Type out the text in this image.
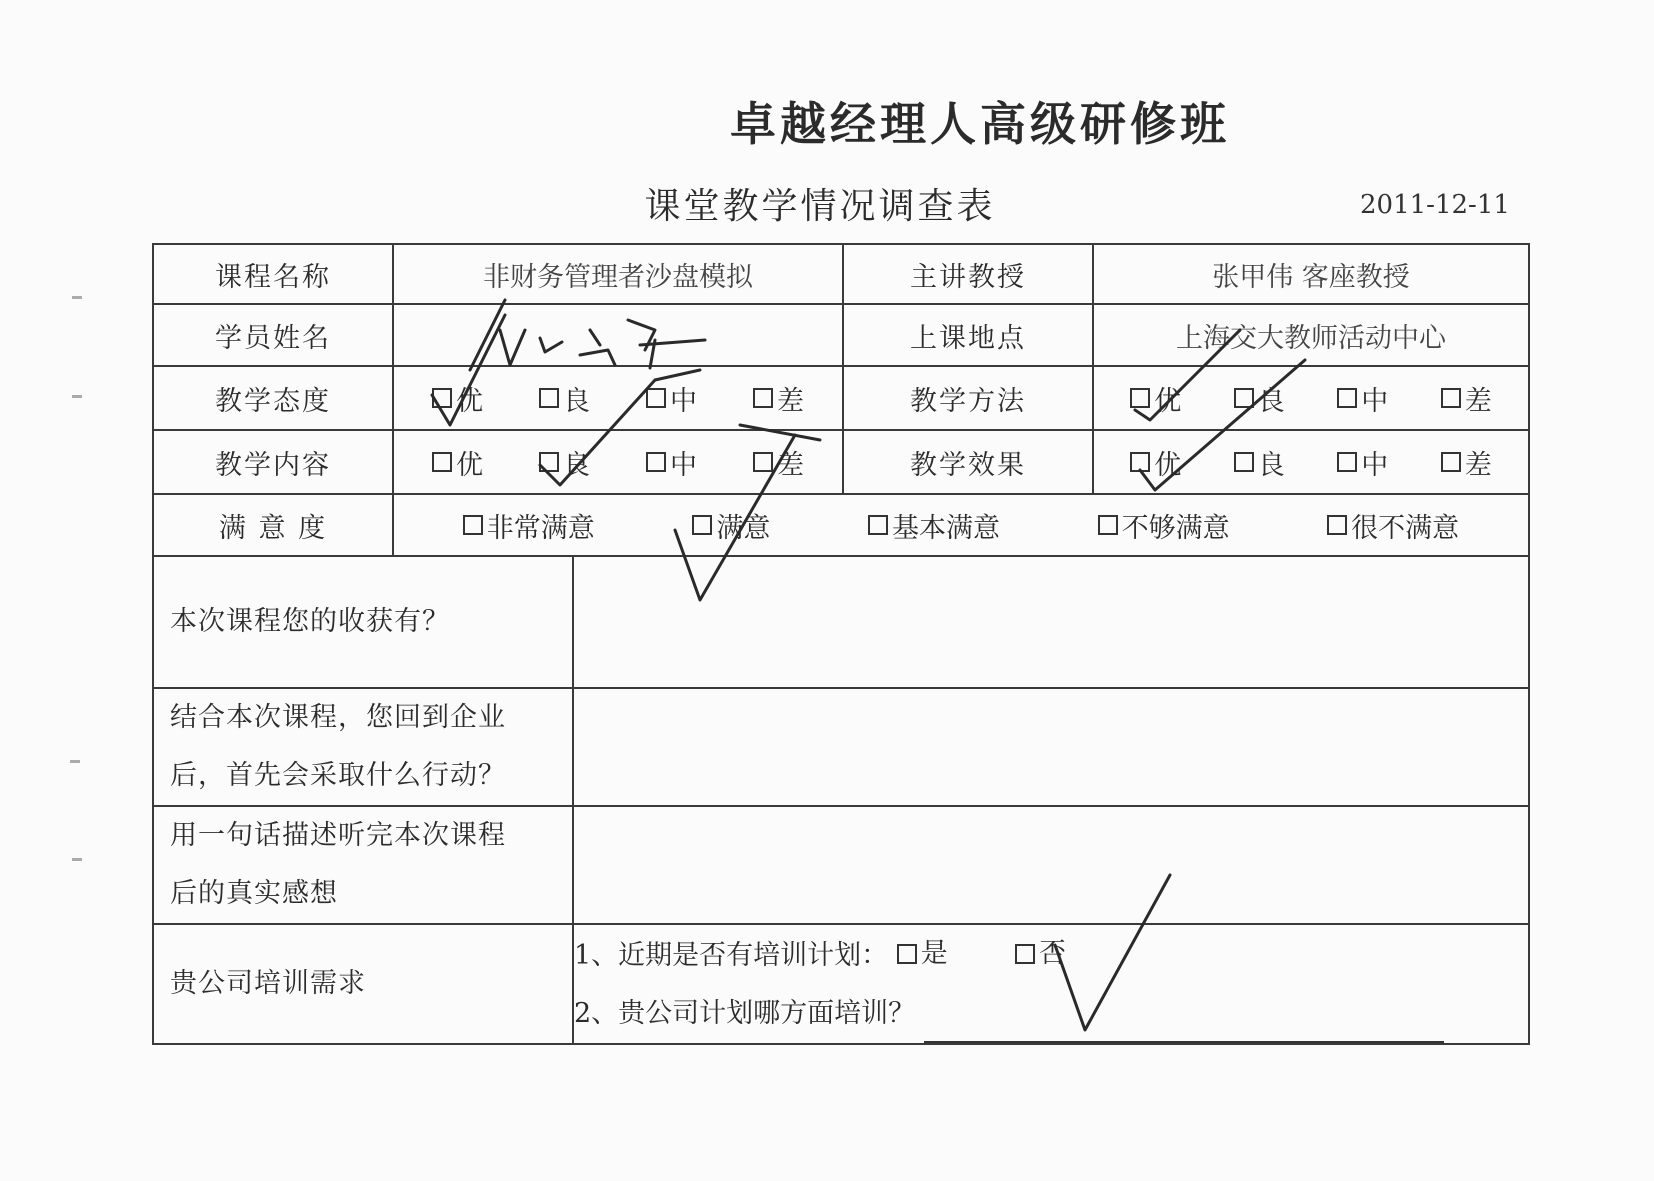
卓越经理人高级研修班
课堂教学情况调查表	2011-12-11
课程名称	非财务管理者沙盘模拟		主讲教授	张甲伟 客座教授
学员姓名			上课地点	上海交大教师活动中心
教学态度	优 良 中 差		教学方法	优 良 中 差

教学内容	优 良 中 差		教学效果	优 良 中 差

满 意 度	非常满意 满意 基本满意 不够满意 很不满意			

本次课程您的收获有？				

结合本次课程，您回到企业
后，首先会采取什么行动？				

用一句话描述听完本次课程
后的真实感想				

贵公司培训需求		1、近期是否有培训计划： 是
否
2、贵公司计划哪方面培训？		
